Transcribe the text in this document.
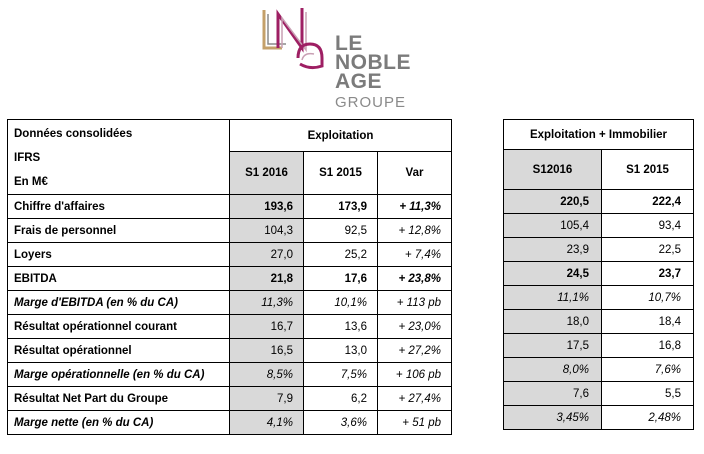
LE
NOBLE
AGE
GROUPE
Données consolidées
IFRS
En M€	Exploitation		
	S1 2016	S1 2015	Var
Chiffre d'affaires	193,6	173,9	+ 11,3%
Frais de personnel	104,3	92,5	+ 12,8%
Loyers	27,0	25,2	+ 7,4%
EBITDA	21,8	17,6	+ 23,8%
Marge d'EBITDA (en % du CA)	11,3%	10,1%	+ 113 pb
Résultat opérationnel courant	16,7	13,6	+ 23,0%
Résultat opérationnel	16,5	13,0	+ 27,2%
Marge opérationnelle (en % du CA)	8,5%	7,5%	+ 106 pb
Résultat Net Part du Groupe	7,9	6,2	+ 27,4%
Marge nette (en % du CA)	4,1%	3,6%	+ 51 pb
Exploitation + Immobilier	
S12016	S1 2015
220,5	222,4
105,4	93,4
23,9	22,5
24,5	23,7
11,1%	10,7%
18,0	18,4
17,5	16,8
8,0%	7,6%
7,6	5,5
3,45%	2,48%
